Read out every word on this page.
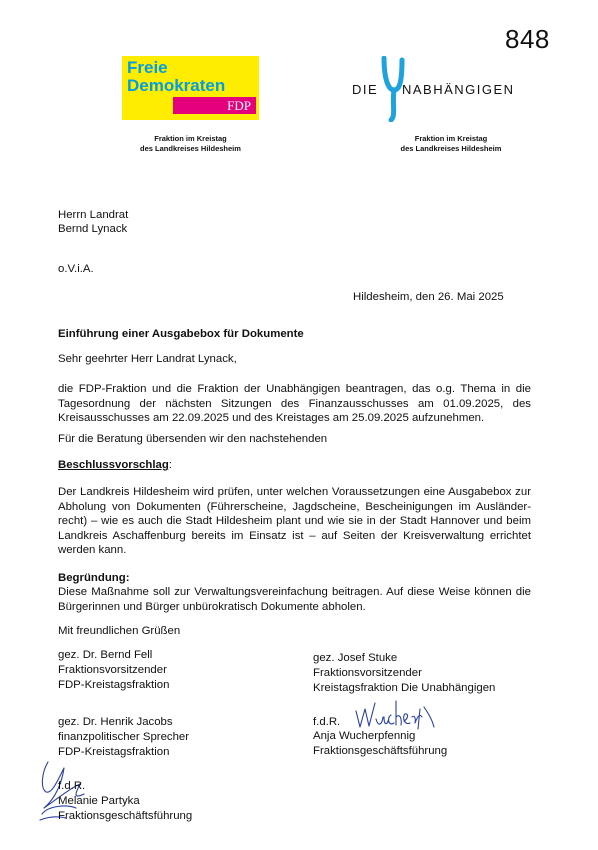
848
Freie
Demokraten
FDP
Fraktion im Kreistag
des Landkreises Hildesheim
DIE NABHÄNGIGEN
Fraktion im Kreistag
des Landkreises Hildesheim
Herrn Landrat
Bernd Lynack
o.V.i.A.
Hildesheim, den 26. Mai 2025
Einführung einer Ausgabebox für Dokumente
Sehr geehrter Herr Landrat Lynack,
die FDP-Fraktion und die Fraktion der Unabhängigen beantragen, das o.g. Thema in die Tagesordnung der nächsten Sitzungen des Finanzausschusses am 01.09.2025, des Kreisausschusses am 22.09.2025 und des Kreistages am 25.09.2025 aufzunehmen.
Für die Beratung übersenden wir den nachstehenden
Beschlussvorschlag:
Der Landkreis Hildesheim wird prüfen, unter welchen Voraussetzungen eine Ausgabebox zur Abholung von Dokumenten (Führerscheine, Jagdscheine, Bescheinigungen im Ausländer-recht) – wie es auch die Stadt Hildesheim plant und wie sie in der Stadt Hannover und beim Landkreis Aschaffenburg bereits im Einsatz ist – auf Seiten der Kreisverwaltung errichtet werden kann.
Begründung:
Diese Maßnahme soll zur Verwaltungsvereinfachung beitragen. Auf diese Weise können die Bürgerinnen und Bürger unbürokratisch Dokumente abholen.
Mit freundlichen Grüßen
gez. Dr. Bernd Fell
Fraktionsvorsitzender
FDP-Kreistagsfraktion
gez. Josef Stuke
Fraktionsvorsitzender
Kreistagsfraktion Die Unabhängigen
gez. Dr. Henrik Jacobs
finanzpolitischer Sprecher
FDP-Kreistagsfraktion
f.d.R.
Anja Wucherpfennig
Fraktionsgeschäftsführung
f.d.R.
Melanie Partyka
Fraktionsgeschäftsführung
